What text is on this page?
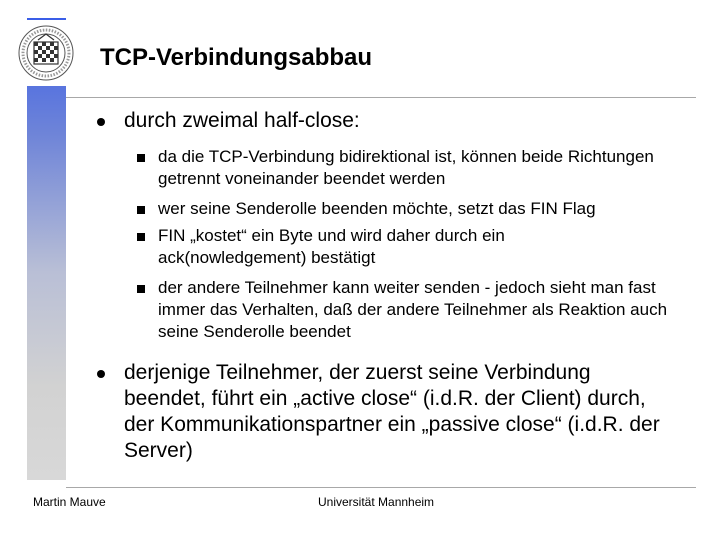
TCP-Verbindungsabbau
durch zweimal half-close:
da die TCP-Verbindung bidirektional ist, können beide Richtungen getrennt voneinander beendet werden
wer seine Senderolle beenden möchte, setzt das FIN Flag
FIN „kostet“ ein Byte und wird daher durch ein ack(nowledgement) bestätigt
der andere Teilnehmer kann weiter senden - jedoch sieht man fast immer das Verhalten, daß der andere Teilnehmer als Reaktion auch seine Senderolle beendet
derjenige Teilnehmer, der zuerst seine Verbindung beendet, führt ein „active close“ (i.d.R. der Client) durch, der Kommunikationspartner ein „passive close“ (i.d.R. der Server)
Martin Mauve	Universität Mannheim
